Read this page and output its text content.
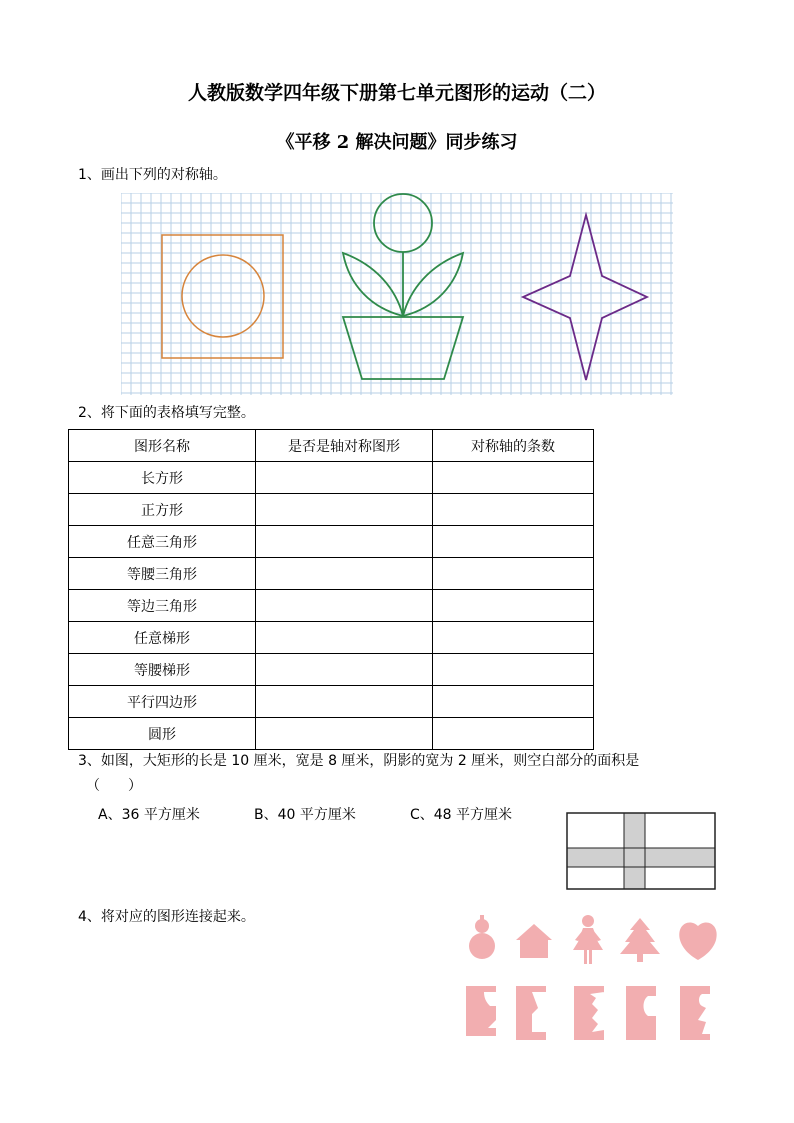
人教版数学四年级下册第七单元图形的运动（二）
《平移 2 解决问题》同步练习
1、画出下列的对称轴。
2、将下面的表格填写完整。
图形名称	是否是轴对称图形	对称轴的条数
长方形		
正方形		
任意三角形		
等腰三角形		
等边三角形		
任意梯形		
等腰梯形		
平行四边形		
圆形		
3、如图，大矩形的长是 10 厘米，宽是 8 厘米，阴影的宽为 2 厘米，则空白部分的面积是
（　　）
A、36 平方厘米	B、40 平方厘米	C、48 平方厘米
4、将对应的图形连接起来。
